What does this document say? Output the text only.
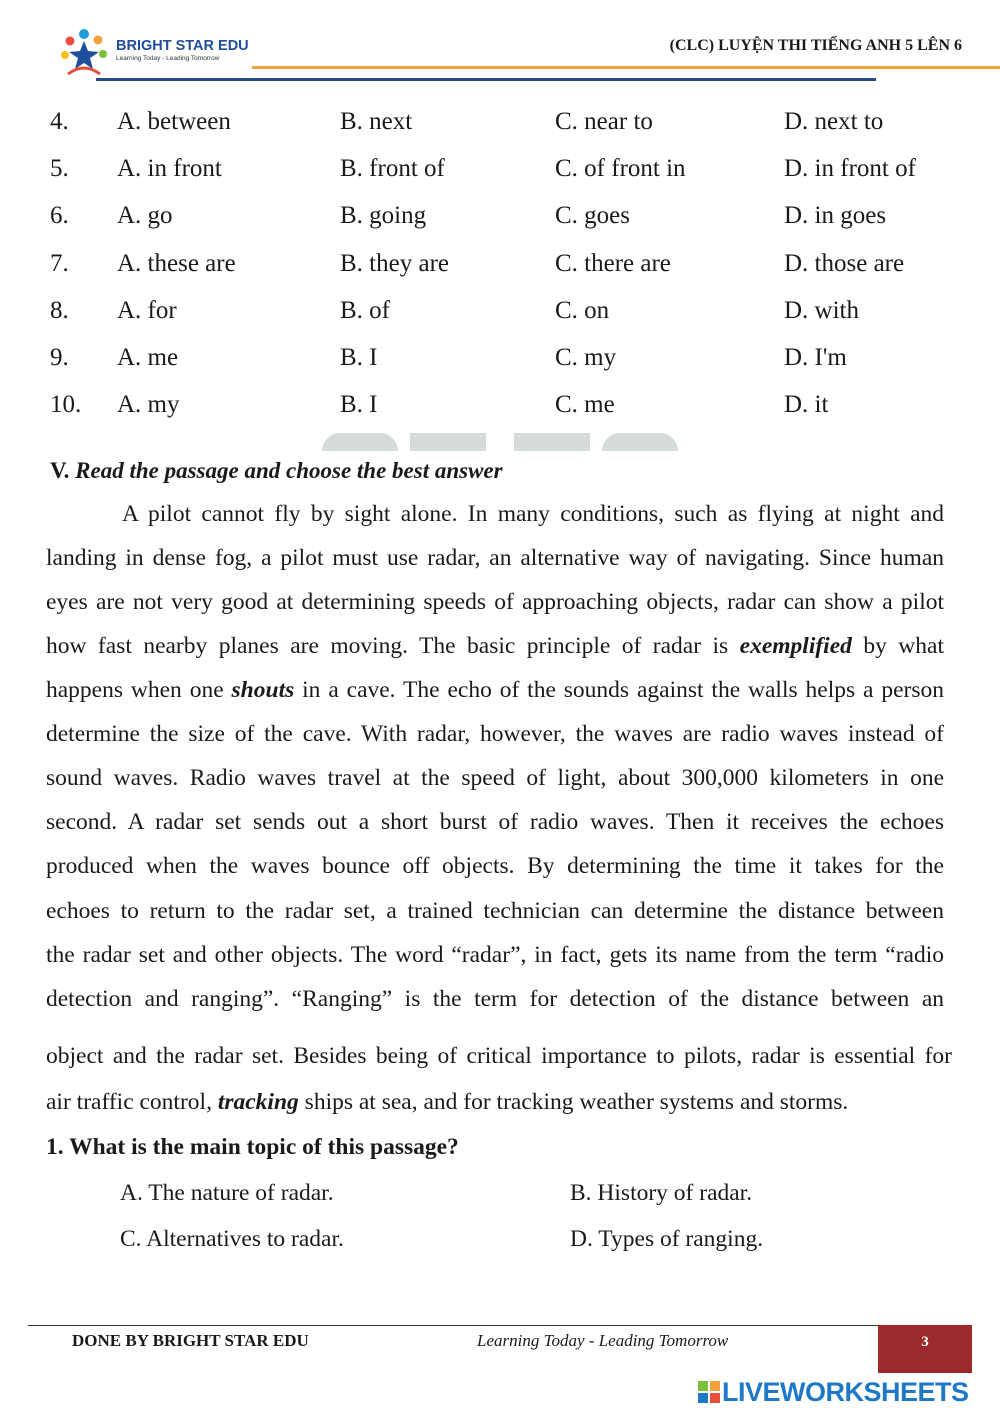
BRIGHT STAR EDU
Learning Today - Leading Tomorrow
(CLC) LUYỆN THI TIẾNG ANH 5 LÊN 6
4. A. between	B. next	C. near to	D. next to
5. A. in front	B. front of	C. of front in	D. in front of
6. A. go	B. going	C. goes	D. in goes
7. A. these are	B. they are	C. there are	D. those are
8. A. for	B. of	C. on	D. with
9. A. me	B. I	C. my	D. I'm
10. A. my	B. I	C. me	D. it
V. Read the passage and choose the best answer
A pilot cannot fly by sight alone. In many conditions, such as flying at night and
landing in dense fog, a pilot must use radar, an alternative way of navigating. Since human
eyes are not very good at determining speeds of approaching objects, radar can show a pilot
how fast nearby planes are moving. The basic principle of radar is exemplified by what
happens when one shouts in a cave. The echo of the sounds against the walls helps a person
determine the size of the cave. With radar, however, the waves are radio waves instead of
sound waves. Radio waves travel at the speed of light, about 300,000 kilometers in one
second. A radar set sends out a short burst of radio waves. Then it receives the echoes
produced when the waves bounce off objects. By determining the time it takes for the
echoes to return to the radar set, a trained technician can determine the distance between
the radar set and other objects. The word “radar”, in fact, gets its name from the term “radio
detection and ranging”. “Ranging” is the term for detection of the distance between an
object and the radar set. Besides being of critical importance to pilots, radar is essential for
air traffic control, tracking ships at sea, and for tracking weather systems and storms.
1. What is the main topic of this passage?
A. The nature of radar.	B. History of radar.
C. Alternatives to radar.	D. Types of ranging.
DONE BY BRIGHT STAR EDU	Learning Today - Leading Tomorrow	3
LIVEWORKSHEETS
